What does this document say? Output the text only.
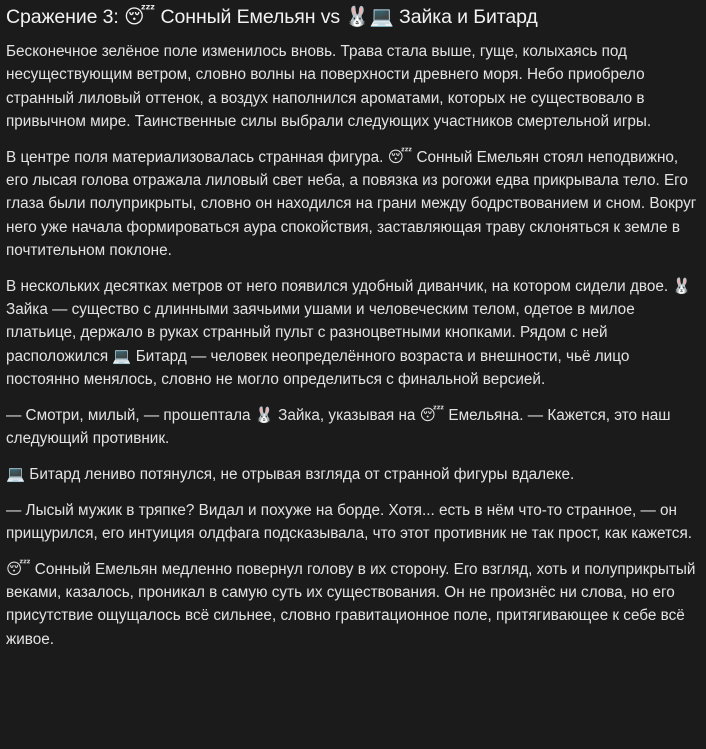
Сражение 3: 😴 Сонный Емельян vs 🐰💻 Зайка и Битард

Бесконечное зелёное поле изменилось вновь. Трава стала выше, гуще, колыхаясь под несуществующим ветром, словно волны на поверхности древнего моря. Небо приобрело странный лиловый оттенок, а воздух наполнился ароматами, которых не существовало в привычном мире. Таинственные силы выбрали следующих участников смертельной игры.

В центре поля материализовалась странная фигура. 😴 Сонный Емельян стоял неподвижно, его лысая голова отражала лиловый свет неба, а повязка из рогожи едва прикрывала тело. Его глаза были полуприкрыты, словно он находился на грани между бодрствованием и сном. Вокруг него уже начала формироваться аура спокойствия, заставляющая траву склоняться к земле в почтительном поклоне.

В нескольких десятках метров от него появился удобный диванчик, на котором сидели двое. 🐰 Зайка — существо с длинными заячьими ушами и человеческим телом, одетое в милое платьице, держало в руках странный пульт с разноцветными кнопками. Рядом с ней расположился 💻 Битард — человек неопределённого возраста и внешности, чьё лицо постоянно менялось, словно не могло определиться с финальной версией.

— Смотри, милый, — прошептала 🐰 Зайка, указывая на 😴 Емельяна. — Кажется, это наш следующий противник.

💻 Битард лениво потянулся, не отрывая взгляда от странной фигуры вдалеке.

— Лысый мужик в тряпке? Видал и похуже на борде. Хотя... есть в нём что-то странное, — он прищурился, его интуиция олдфага подсказывала, что этот противник не так прост, как кажется.

😴 Сонный Емельян медленно повернул голову в их сторону. Его взгляд, хоть и полуприкрытый веками, казалось, проникал в самую суть их существования. Он не произнёс ни слова, но его присутствие ощущалось всё сильнее, словно гравитационное поле, притягивающее к себе всё живое.
